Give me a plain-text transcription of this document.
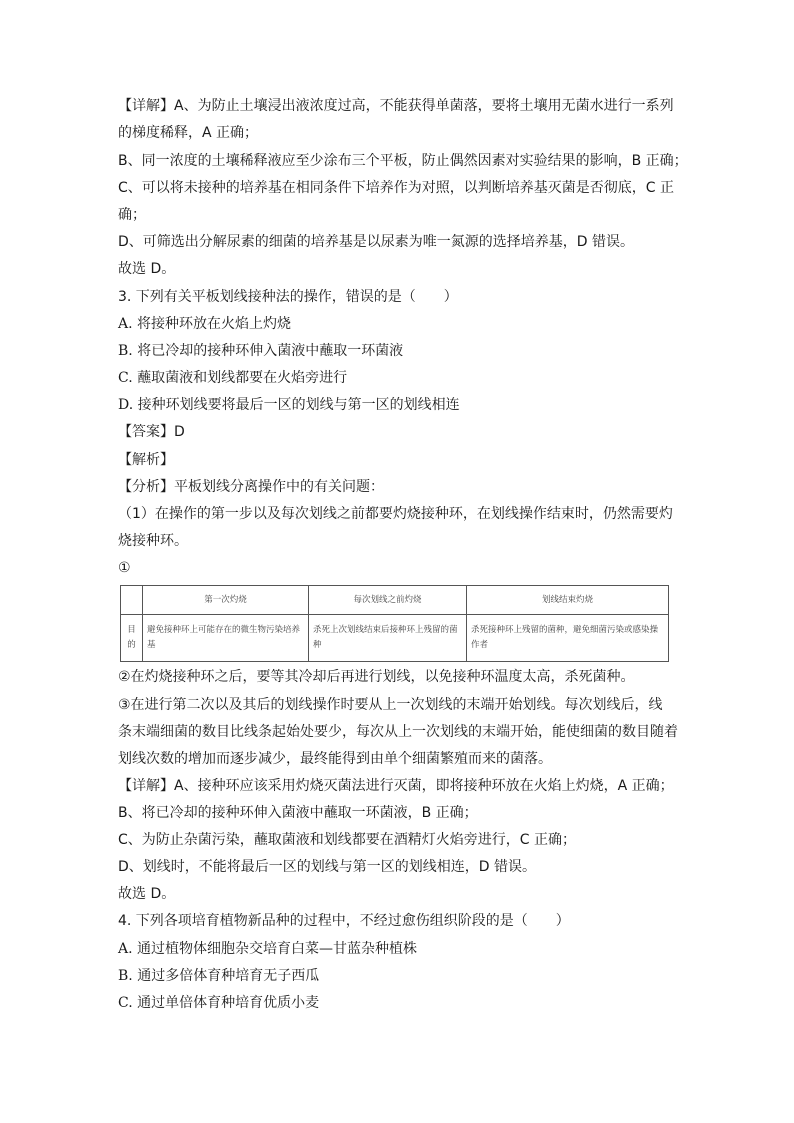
【详解】A、为防止土壤浸出液浓度过高，不能获得单菌落，要将土壤用无菌水进行一系列
的梯度稀释，A 正确；
B、同一浓度的土壤稀释液应至少涂布三个平板，防止偶然因素对实验结果的影响，B 正确；
C、可以将未接种的培养基在相同条件下培养作为对照，以判断培养基灭菌是否彻底，C 正
确；
D、可筛选出分解尿素的细菌的培养基是以尿素为唯一氮源的选择培养基，D 错误。
故选 D。
3. 下列有关平板划线接种法的操作，错误的是（　　）
A. 将接种环放在火焰上灼烧
B. 将已冷却的接种环伸入菌液中蘸取一环菌液
C. 蘸取菌液和划线都要在火焰旁进行
D. 接种环划线要将最后一区的划线与第一区的划线相连
【答案】D
【解析】
【分析】平板划线分离操作中的有关问题：
（1）在操作的第一步以及每次划线之前都要灼烧接种环，在划线操作结束时，仍然需要灼
烧接种环。
①
	第一次灼烧	每次划线之前灼烧	划线结束灼烧
目的	避免接种环上可能存在的微生物污染培养基	杀死上次划线结束后接种环上残留的菌种	杀死接种环上残留的菌种，避免细菌污染或感染操作者
②在灼烧接种环之后，要等其冷却后再进行划线，以免接种环温度太高，杀死菌种。
③在进行第二次以及其后的划线操作时要从上一次划线的末端开始划线。每次划线后，线
条末端细菌的数目比线条起始处要少，每次从上一次划线的末端开始，能使细菌的数目随着
划线次数的增加而逐步减少，最终能得到由单个细菌繁殖而来的菌落。
【详解】A、接种环应该采用灼烧灭菌法进行灭菌，即将接种环放在火焰上灼烧，A 正确；
B、将已冷却的接种环伸入菌液中蘸取一环菌液，B 正确；
C、为防止杂菌污染，蘸取菌液和划线都要在酒精灯火焰旁进行，C 正确；
D、划线时，不能将最后一区的划线与第一区的划线相连，D 错误。
故选 D。
4. 下列各项培育植物新品种的过程中，不经过愈伤组织阶段的是（　　）
A. 通过植物体细胞杂交培育白菜—甘蓝杂种植株
B. 通过多倍体育种培育无子西瓜
C. 通过单倍体育种培育优质小麦
